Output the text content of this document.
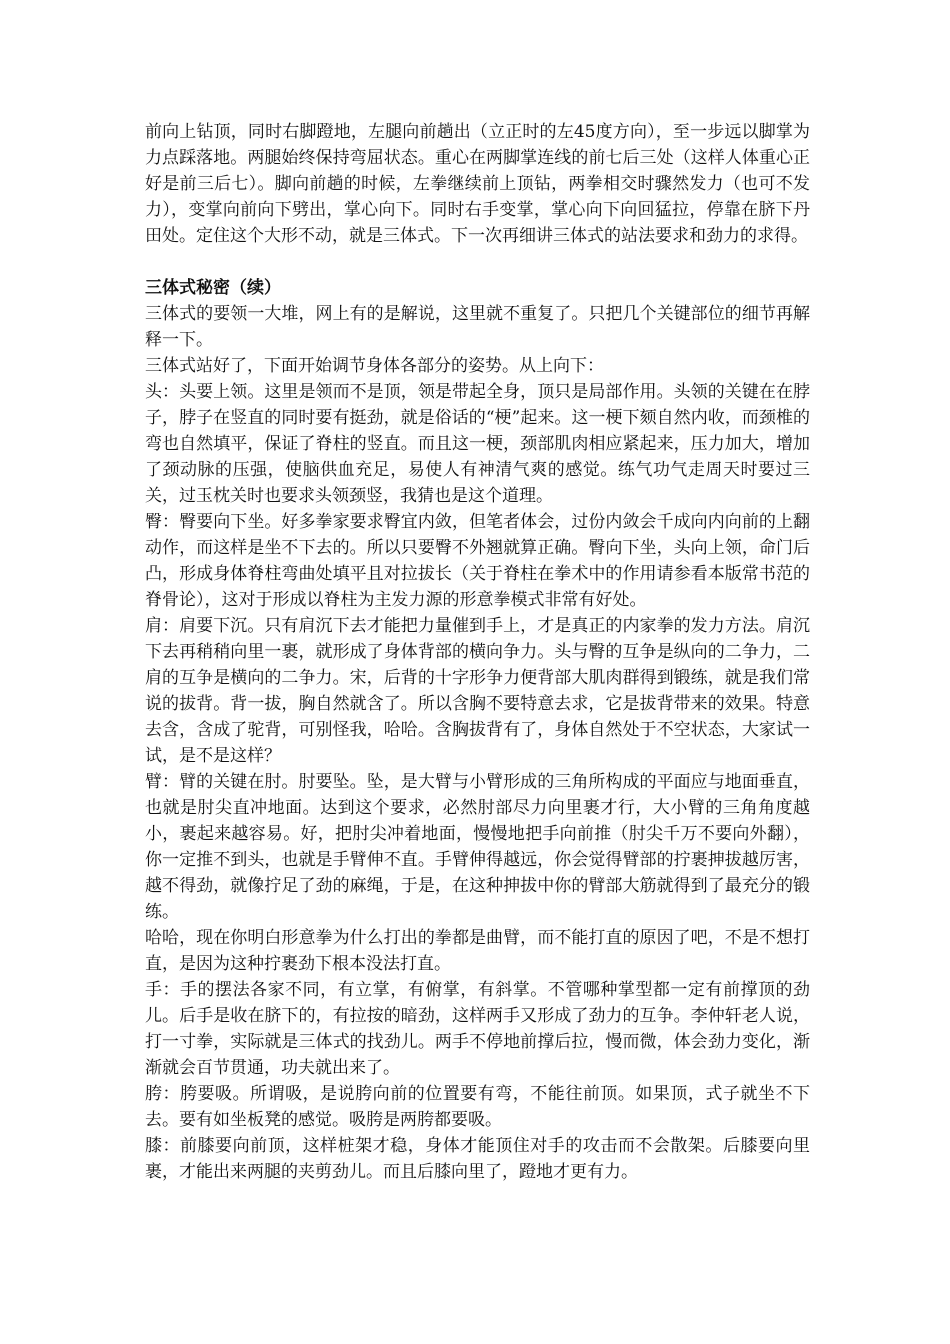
前向上钻顶，同时右脚蹬地，左腿向前趟出（立正时的左45度方向），至一步远以脚掌为力点踩落地。两腿始终保持弯屈状态。重心在两脚掌连线的前七后三处（这样人体重心正好是前三后七）。脚向前趟的时候，左拳继续前上顶钻，两拳相交时骤然发力（也可不发力），变掌向前向下劈出，掌心向下。同时右手变掌，掌心向下向回猛拉，停靠在脐下丹田处。定住这个大形不动，就是三体式。下一次再细讲三体式的站法要求和劲力的求得。

三体式秘密（续）

三体式的要领一大堆，网上有的是解说，这里就不重复了。只把几个关键部位的细节再解释一下。

三体式站好了，下面开始调节身体各部分的姿势。从上向下：

头：头要上领。这里是领而不是顶，领是带起全身，顶只是局部作用。头领的关键在在脖子，脖子在竖直的同时要有挺劲，就是俗话的“梗”起来。这一梗下颏自然内收，而颈椎的弯也自然填平，保证了脊柱的竖直。而且这一梗，颈部肌肉相应紧起来，压力加大，增加了颈动脉的压强，使脑供血充足，易使人有神清气爽的感觉。练气功气走周天时要过三关，过玉枕关时也要求头领颈竖，我猜也是这个道理。

臀：臀要向下坐。好多拳家要求臀宜内敛，但笔者体会，过份内敛会千成向内向前的上翻动作，而这样是坐不下去的。所以只要臀不外翘就算正确。臀向下坐，头向上领，命门后凸，形成身体脊柱弯曲处填平且对拉拔长（关于脊柱在拳术中的作用请参看本版常书范的脊骨论），这对于形成以脊柱为主发力源的形意拳模式非常有好处。

肩：肩要下沉。只有肩沉下去才能把力量催到手上，才是真正的内家拳的发力方法。肩沉下去再稍稍向里一裹，就形成了身体背部的横向争力。头与臀的互争是纵向的二争力，二肩的互争是横向的二争力。宋，后背的十字形争力便背部大肌肉群得到锻练，就是我们常说的拔背。背一拔，胸自然就含了。所以含胸不要特意去求，它是拔背带来的效果。特意去含，含成了驼背，可别怪我，哈哈。含胸拔背有了，身体自然处于不空状态，大家试一试，是不是这样？

臂：臂的关键在肘。肘要坠。坠，是大臂与小臂形成的三角所构成的平面应与地面垂直，也就是肘尖直冲地面。达到这个要求，必然肘部尽力向里裹才行，大小臂的三角角度越小，裹起来越容易。好，把肘尖冲着地面，慢慢地把手向前推（肘尖千万不要向外翻），你一定推不到头，也就是手臂伸不直。手臂伸得越远，你会觉得臂部的拧裹抻拔越厉害，越不得劲，就像拧足了劲的麻绳，于是，在这种抻拔中你的臂部大筋就得到了最充分的锻练。

哈哈，现在你明白形意拳为什么打出的拳都是曲臂，而不能打直的原因了吧，不是不想打直，是因为这种拧裹劲下根本没法打直。

手：手的摆法各家不同，有立掌，有俯掌，有斜掌。不管哪种掌型都一定有前撑顶的劲儿。后手是收在脐下的，有拉按的暗劲，这样两手又形成了劲力的互争。李仲轩老人说，打一寸拳，实际就是三体式的找劲儿。两手不停地前撑后拉，慢而微，体会劲力变化，渐渐就会百节贯通，功夫就出来了。

胯：胯要吸。所谓吸，是说胯向前的位置要有弯，不能往前顶。如果顶，式子就坐不下去。要有如坐板凳的感觉。吸胯是两胯都要吸。

膝：前膝要向前顶，这样桩架才稳，身体才能顶住对手的攻击而不会散架。后膝要向里裹，才能出来两腿的夹剪劲儿。而且后膝向里了，蹬地才更有力。
